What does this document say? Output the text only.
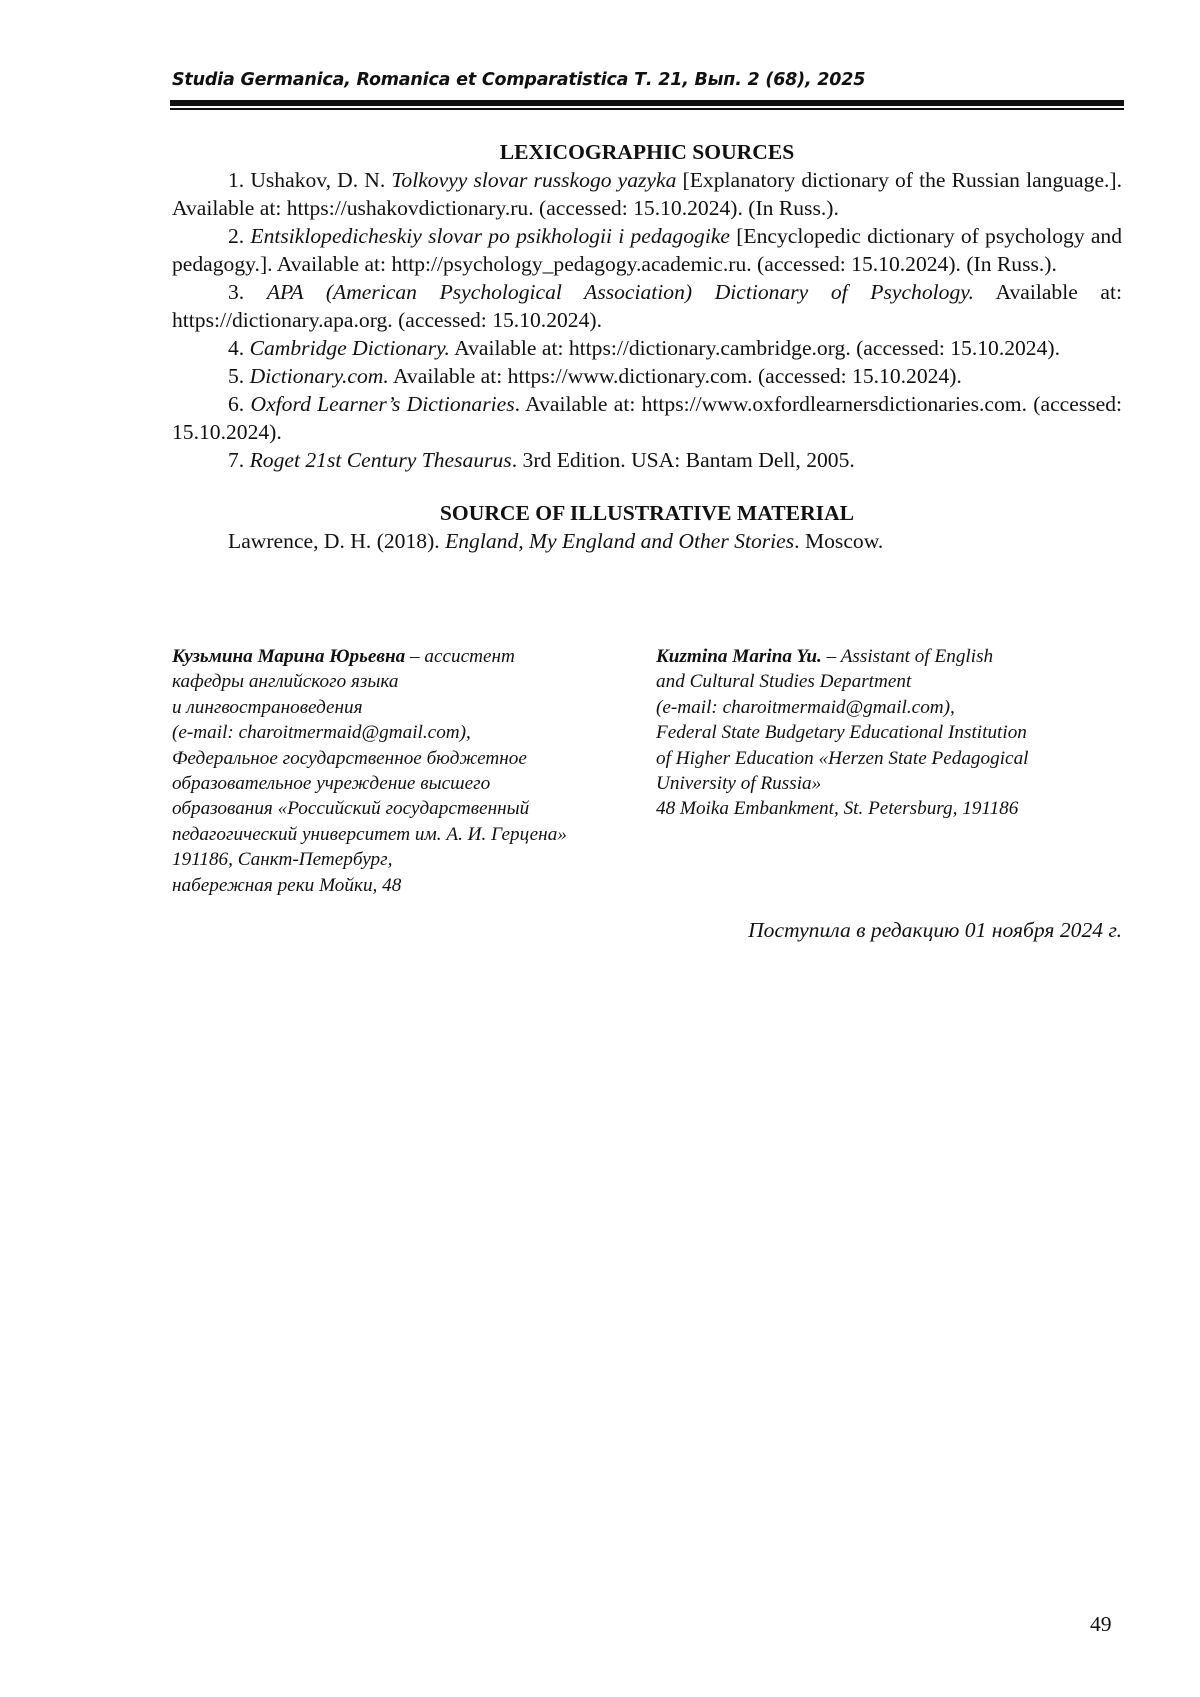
Studia Germanica, Romanica et Comparatistica Т. 21, Вып. 2 (68), 2025

LEXICOGRAPHIC SOURCES

1. Ushakov, D. N. Tolkovyy slovar russkogo yazyka [Explanatory dictionary of the Russian language.]. Available at: https://ushakovdictionary.ru. (accessed: 15.10.2024). (In Russ.).

2. Entsiklopedicheskiy slovar po psikhologii i pedagogike [Encyclopedic dictionary of psychology and pedagogy.]. Available at: http://psychology_pedagogy.academic.ru. (accessed: 15.10.2024). (In Russ.).

3. APA (American Psychological Association) Dictionary of Psychology. Available at: https://dictionary.apa.org. (accessed: 15.10.2024).

4. Cambridge Dictionary. Available at: https://dictionary.cambridge.org. (accessed: 15.10.2024).

5. Dictionary.com. Available at: https://www.dictionary.com. (accessed: 15.10.2024).

6. Oxford Learner’s Dictionaries. Available at: https://www.oxfordlearnersdictionaries.com. (accessed: 15.10.2024).

7. Roget 21st Century Thesaurus. 3rd Edition. USA: Bantam Dell, 2005.

SOURCE OF ILLUSTRATIVE MATERIAL

Lawrence, D. H. (2018). England, My England and Other Stories. Moscow.

Кузьмина Марина Юрьевна – ассистент
кафедры английского языка
и лингвострановедения
(e-mail: charoitmermaid@gmail.com),
Федеральное государственное бюджетное
образовательное учреждение высшего
образования «Российский государственный
педагогический университет им. А. И. Герцена»
191186, Санкт-Петербург,
набережная реки Мойки, 48
Kuzmina Marina Yu. – Assistant of English
and Cultural Studies Department
(e-mail: charoitmermaid@gmail.com),
Federal State Budgetary Educational Institution
of Higher Education «Herzen State Pedagogical
University of Russia»
48 Moika Embankment, St. Petersburg, 191186
Поступила в редакцию 01 ноября 2024 г.
49
